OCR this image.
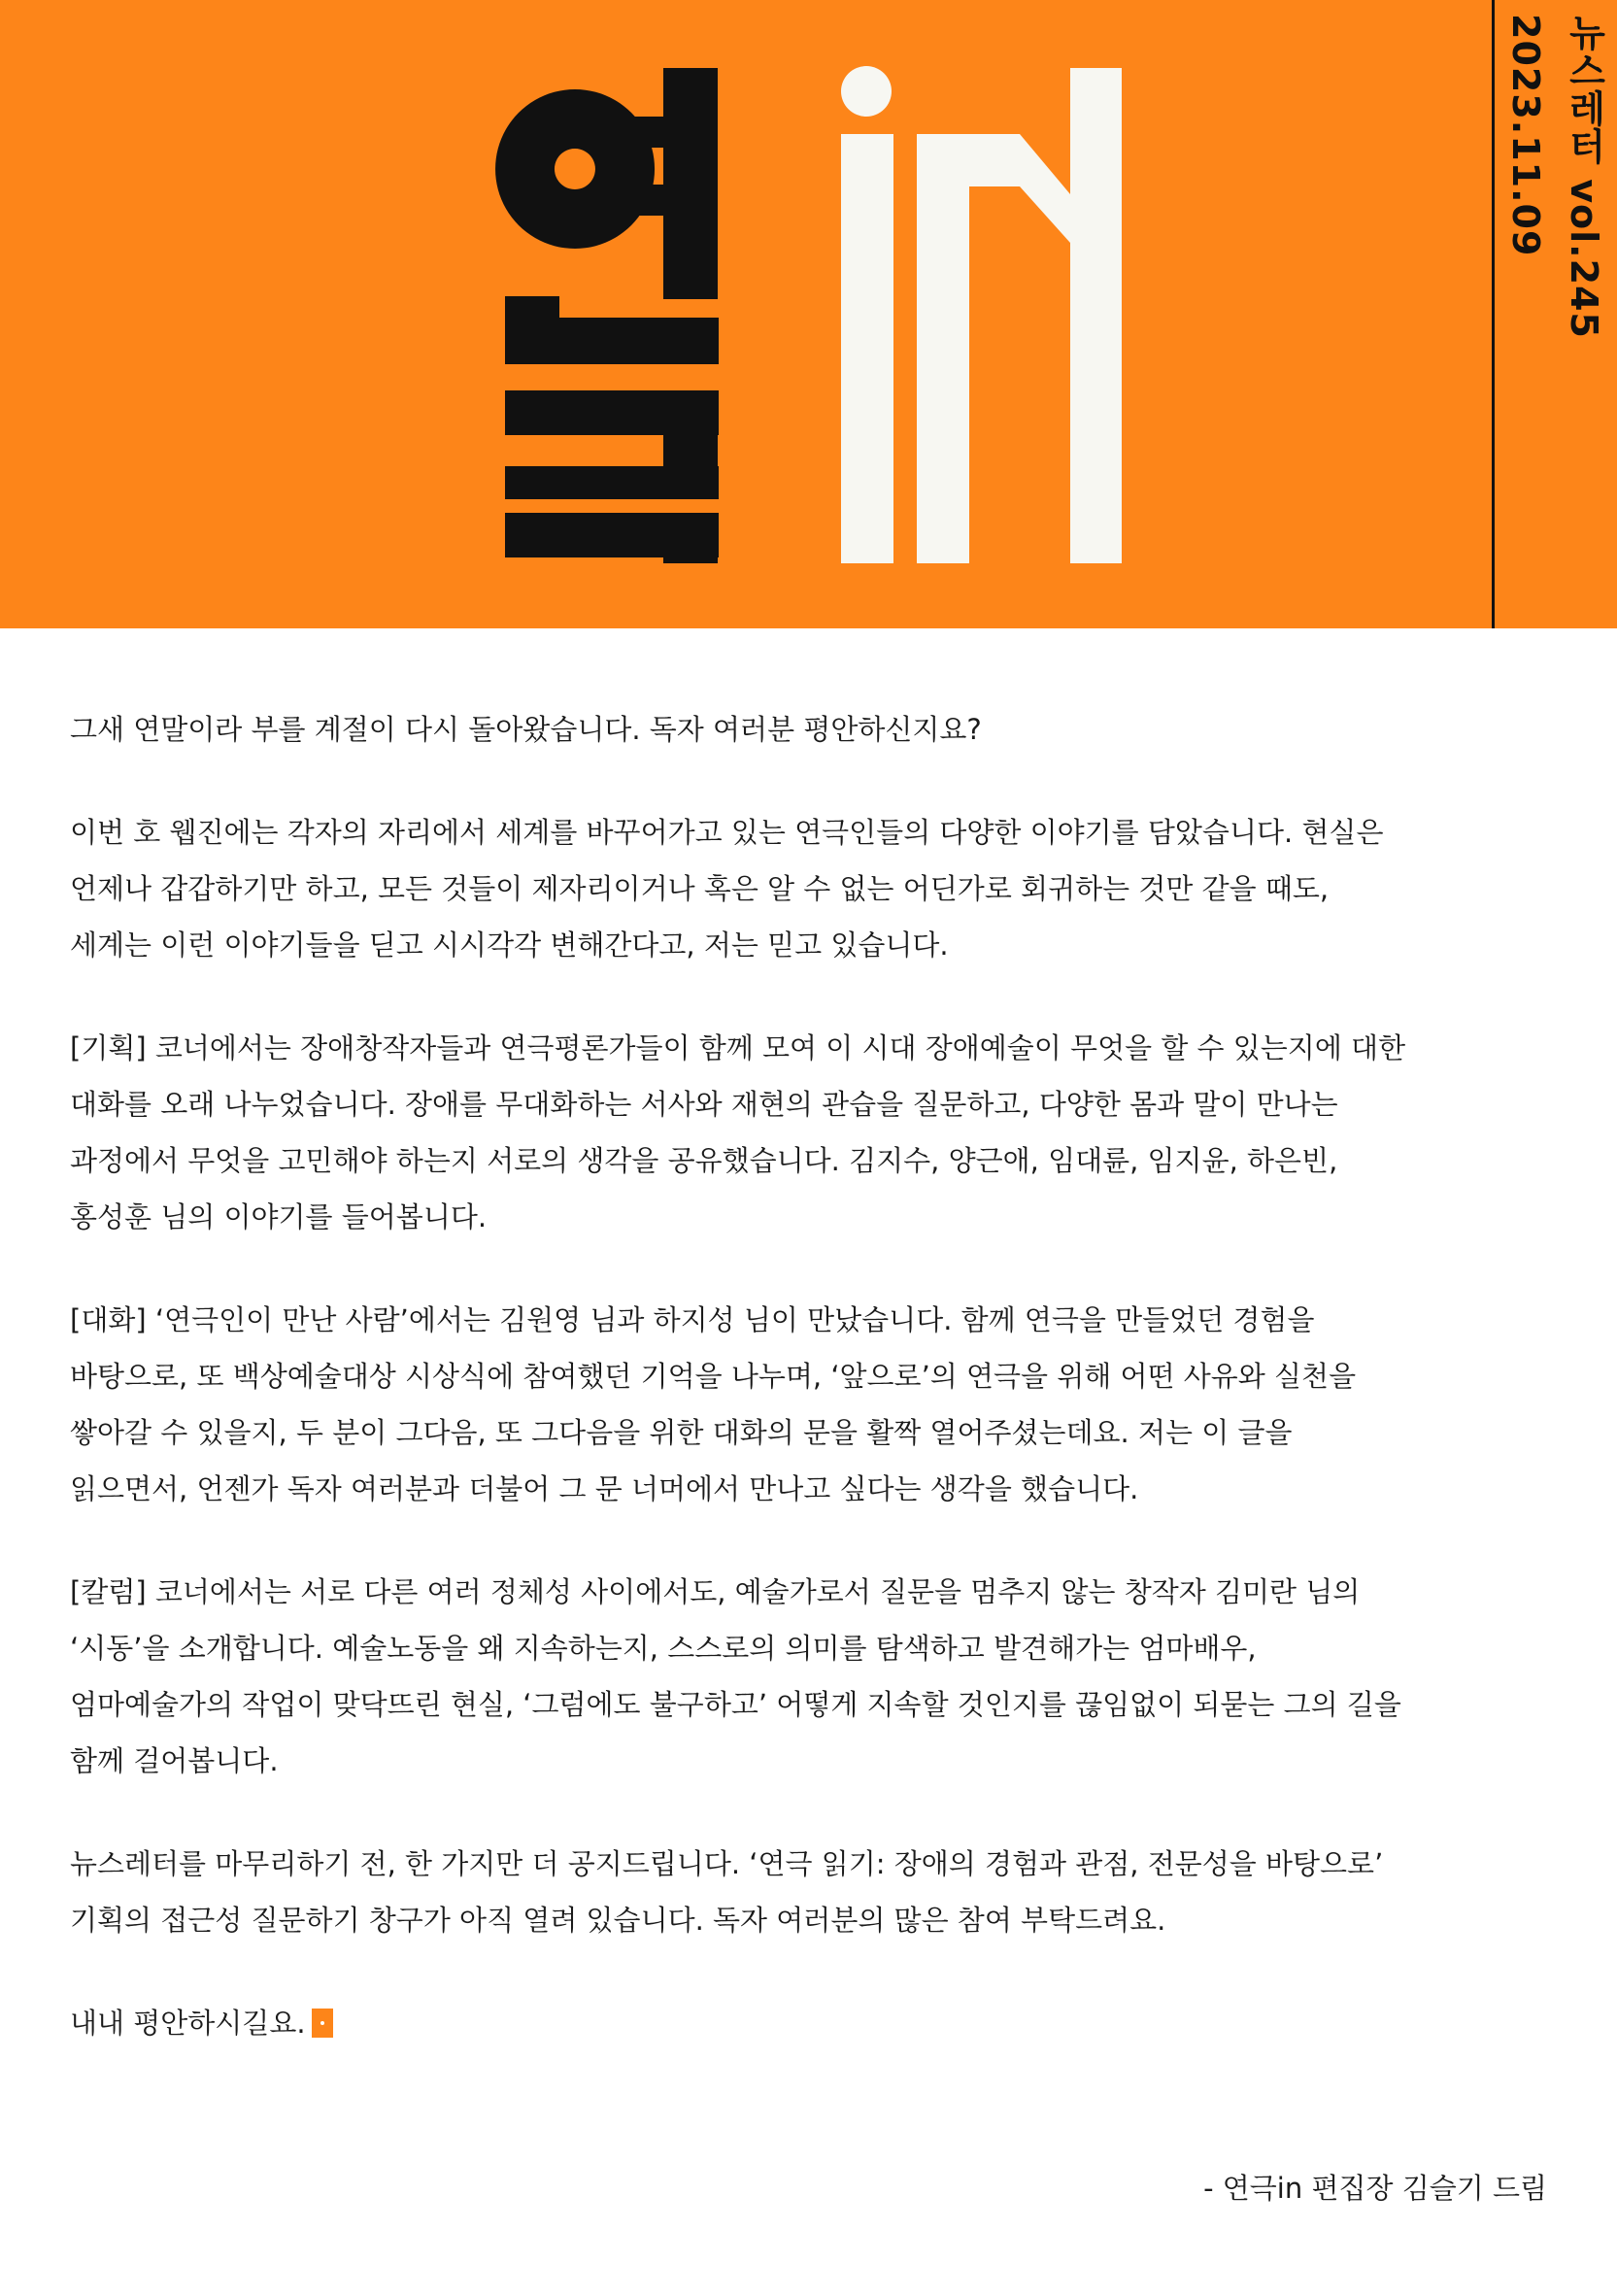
2023.11.09 뉴스레터 vol.245

그새 연말이라 부를 계절이 다시 돌아왔습니다. 독자 여러분 평안하신지요?

이번 호 웹진에는 각자의 자리에서 세계를 바꾸어가고 있는 연극인들의 다양한 이야기를 담았습니다. 현실은
언제나 갑갑하기만 하고, 모든 것들이 제자리이거나 혹은 알 수 없는 어딘가로 회귀하는 것만 같을 때도,
세계는 이런 이야기들을 딛고 시시각각 변해간다고, 저는 믿고 있습니다.

[기획] 코너에서는 장애창작자들과 연극평론가들이 함께 모여 이 시대 장애예술이 무엇을 할 수 있는지에 대한
대화를 오래 나누었습니다. 장애를 무대화하는 서사와 재현의 관습을 질문하고, 다양한 몸과 말이 만나는
과정에서 무엇을 고민해야 하는지 서로의 생각을 공유했습니다. 김지수, 양근애, 임대륜, 임지윤, 하은빈,
홍성훈 님의 이야기를 들어봅니다.

[대화] ‘연극인이 만난 사람’에서는 김원영 님과 하지성 님이 만났습니다. 함께 연극을 만들었던 경험을
바탕으로, 또 백상예술대상 시상식에 참여했던 기억을 나누며, ‘앞으로’의 연극을 위해 어떤 사유와 실천을
쌓아갈 수 있을지, 두 분이 그다음, 또 그다음을 위한 대화의 문을 활짝 열어주셨는데요. 저는 이 글을
읽으면서, 언젠가 독자 여러분과 더불어 그 문 너머에서 만나고 싶다는 생각을 했습니다.

[칼럼] 코너에서는 서로 다른 여러 정체성 사이에서도, 예술가로서 질문을 멈추지 않는 창작자 김미란 님의
‘시동’을 소개합니다. 예술노동을 왜 지속하는지, 스스로의 의미를 탐색하고 발견해가는 엄마배우,
엄마예술가의 작업이 맞닥뜨린 현실, ‘그럼에도 불구하고’ 어떻게 지속할 것인지를 끊임없이 되묻는 그의 길을
함께 걸어봅니다.

뉴스레터를 마무리하기 전, 한 가지만 더 공지드립니다. ‘연극 읽기: 장애의 경험과 관점, 전문성을 바탕으로’
기획의 접근성 질문하기 창구가 아직 열려 있습니다. 독자 여러분의 많은 참여 부탁드려요.

내내 평안하시길요.

- 연극in 편집장 김슬기 드림
